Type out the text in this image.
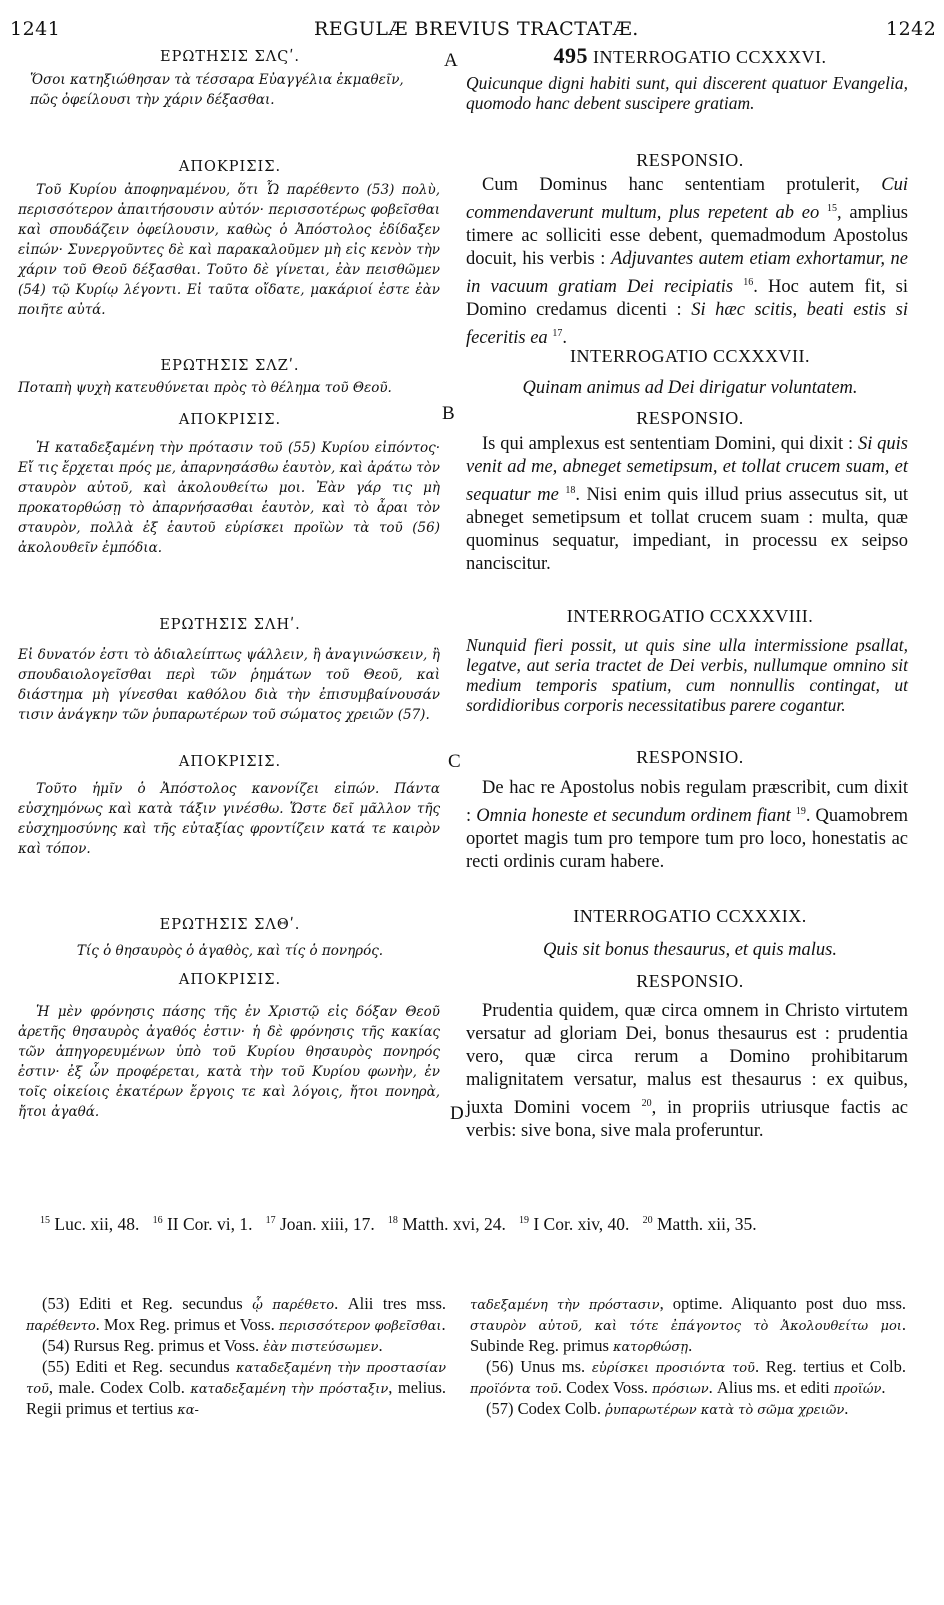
1241	REGULÆ BREVIUS TRACTATÆ.	1242
A
B
C
D
ΕΡΩΤΗΣΙΣ ΣΛϚʹ.
Ὅσοι κατηξιώθησαν τὰ τέσσαρα Εὐαγγέλια ἐκμαθεῖν, πῶς ὀφείλουσι τὴν χάριν δέξασθαι.
ΑΠΟΚΡΙΣΙΣ.
Τοῦ Κυρίου ἀποφηναμένου, ὅτι Ὧ παρέθεντο (53) πολὺ, περισσότερον ἀπαιτήσουσιν αὐτόν· περισσοτέρως φοβεῖσθαι καὶ σπουδάζειν ὀφείλουσιν, καθὼς ὁ Ἀπόστολος ἐδίδαξεν εἰπών· Συνεργοῦντες δὲ καὶ παρακαλοῦμεν μὴ εἰς κενὸν τὴν χάριν τοῦ Θεοῦ δέξασθαι. Τοῦτο δὲ γίνεται, ἐὰν πεισθῶμεν (54) τῷ Κυρίῳ λέγοντι. Εἰ ταῦτα οἴδατε, μακάριοί ἐστε ἐὰν ποιῆτε αὐτά.
ΕΡΩΤΗΣΙΣ ΣΛΖʹ.
Ποταπὴ ψυχὴ κατευθύνεται πρὸς τὸ θέλημα τοῦ Θεοῦ.
ΑΠΟΚΡΙΣΙΣ.
Ἡ καταδεξαμένη τὴν πρότασιν τοῦ (55) Κυρίου εἰπόντος· Εἴ τις ἔρχεται πρός με, ἀπαρνησάσθω ἑαυτὸν, καὶ ἀράτω τὸν σταυρὸν αὐτοῦ, καὶ ἀκολουθείτω μοι. Ἐὰν γάρ τις μὴ προκατορθώσῃ τὸ ἀπαρνήσασθαι ἑαυτὸν, καὶ τὸ ἆραι τὸν σταυρὸν, πολλὰ ἐξ ἑαυτοῦ εὑρίσκει προϊὼν τὰ τοῦ (56) ἀκολουθεῖν ἐμπόδια.
ΕΡΩΤΗΣΙΣ ΣΛΗʹ.
Εἰ δυνατόν ἐστι τὸ ἀδιαλείπτως ψάλλειν, ἢ ἀναγινώσκειν, ἢ σπουδαιολογεῖσθαι περὶ τῶν ῥημάτων τοῦ Θεοῦ, καὶ διάστημα μὴ γίνεσθαι καθόλου διὰ τὴν ἐπισυμβαίνουσάν τισιν ἀνάγκην τῶν ῥυπαρωτέρων τοῦ σώματος χρειῶν (57).
ΑΠΟΚΡΙΣΙΣ.
Τοῦτο ἡμῖν ὁ Ἀπόστολος κανονίζει εἰπών. Πάντα εὐσχημόνως καὶ κατὰ τάξιν γινέσθω. Ὥστε δεῖ μᾶλλον τῆς εὐσχημοσύνης καὶ τῆς εὐταξίας φροντίζειν κατά τε καιρὸν καὶ τόπον.
ΕΡΩΤΗΣΙΣ ΣΛΘʹ.
Τίς ὁ θησαυρὸς ὁ ἀγαθὸς, καὶ τίς ὁ πονηρός.
ΑΠΟΚΡΙΣΙΣ.
Ἡ μὲν φρόνησις πάσης τῆς ἐν Χριστῷ εἰς δόξαν Θεοῦ ἀρετῆς θησαυρὸς ἀγαθός ἐστιν· ἡ δὲ φρόνησις τῆς κακίας τῶν ἀπηγορευμένων ὑπὸ τοῦ Κυρίου θησαυρὸς πονηρός ἐστιν· ἐξ ὧν προφέρεται, κατὰ τὴν τοῦ Κυρίου φωνὴν, ἐν τοῖς οἰκείοις ἑκατέρων ἔργοις τε καὶ λόγοις, ἤτοι πονηρὰ, ἤτοι ἀγαθά.
495 INTERROGATIO CCXXXVI.
Quicunque digni habiti sunt, qui discerent quatuor Evangelia, quomodo hanc debent suscipere gratiam.
RESPONSIO.
Cum Dominus hanc sententiam protulerit, Cui commendaverunt multum, plus repetent ab eo $^{15}$, amplius timere ac solliciti esse debent, quemadmodum Apostolus docuit, his verbis : Adjuvantes autem etiam exhortamur, ne in vacuum gratiam Dei recipiatis $^{16}$. Hoc autem fit, si Domino credamus dicenti : Si hæc scitis, beati estis si feceritis ea $^{17}$.
INTERROGATIO CCXXXVII.
Quinam animus ad Dei dirigatur voluntatem.
RESPONSIO.
Is qui amplexus est sententiam Domini, qui dixit : Si quis venit ad me, abneget semetipsum, et tollat crucem suam, et sequatur me $^{18}$. Nisi enim quis illud prius assecutus sit, ut abneget semetipsum et tollat crucem suam : multa, quæ quominus sequatur, impediant, in processu ex seipso nanciscitur.
INTERROGATIO CCXXXVIII.
Nunquid fieri possit, ut quis sine ulla intermissione psallat, legatve, aut seria tractet de Dei verbis, nullumque omnino sit medium temporis spatium, cum nonnullis contingat, ut sordidioribus corporis necessitatibus parere cogantur.
RESPONSIO.
De hac re Apostolus nobis regulam præscribit, cum dixit : Omnia honeste et secundum ordinem fiant $^{19}$. Quamobrem oportet magis tum pro tempore tum pro loco, honestatis ac recti ordinis curam habere.
INTERROGATIO CCXXXIX.
Quis sit bonus thesaurus, et quis malus.
RESPONSIO.
Prudentia quidem, quæ circa omnem in Christo virtutem versatur ad gloriam Dei, bonus thesaurus est : prudentia vero, quæ circa rerum a Domino prohibitarum malignitatem versatur, malus est thesaurus : ex quibus, juxta Domini vocem $^{20}$, in propriis utriusque factis ac verbis: sive bona, sive mala proferuntur.
$^{15}$ Luc. xii, 48. $^{16}$ II Cor. vi, 1. $^{17}$ Joan. xiii, 17. $^{18}$ Matth. xvi, 24. $^{19}$ I Cor. xiv, 40. $^{20}$ Matth. xii, 35.
(53) Editi et Reg. secundus ᾧ παρέθετο. Alii tres mss. παρέθεντο. Mox Reg. primus et Voss. περισσότερον φοβεῖσθαι.
(54) Rursus Reg. primus et Voss. ἐὰν πιστεύσωμεν.
(55) Editi et Reg. secundus καταδεξαμένη τὴν προστασίαν τοῦ, male. Codex Colb. καταδεξαμένη τὴν πρόσταξιν, melius. Regii primus et tertius κα-
ταδεξαμένη τὴν πρόστασιν, optime. Aliquanto post duo mss. σταυρὸν αὐτοῦ, καὶ τότε ἐπάγοντος τὸ Ἀκολουθείτω μοι. Subinde Reg. primus κατορθώσῃ.
(56) Unus ms. εὑρίσκει προσιόντα τοῦ. Reg. tertius et Colb. προϊόντα τοῦ. Codex Voss. πρόσιων. Alius ms. et editi προϊών.
(57) Codex Colb. ῥυπαρωτέρων κατὰ τὸ σῶμα χρειῶν.
